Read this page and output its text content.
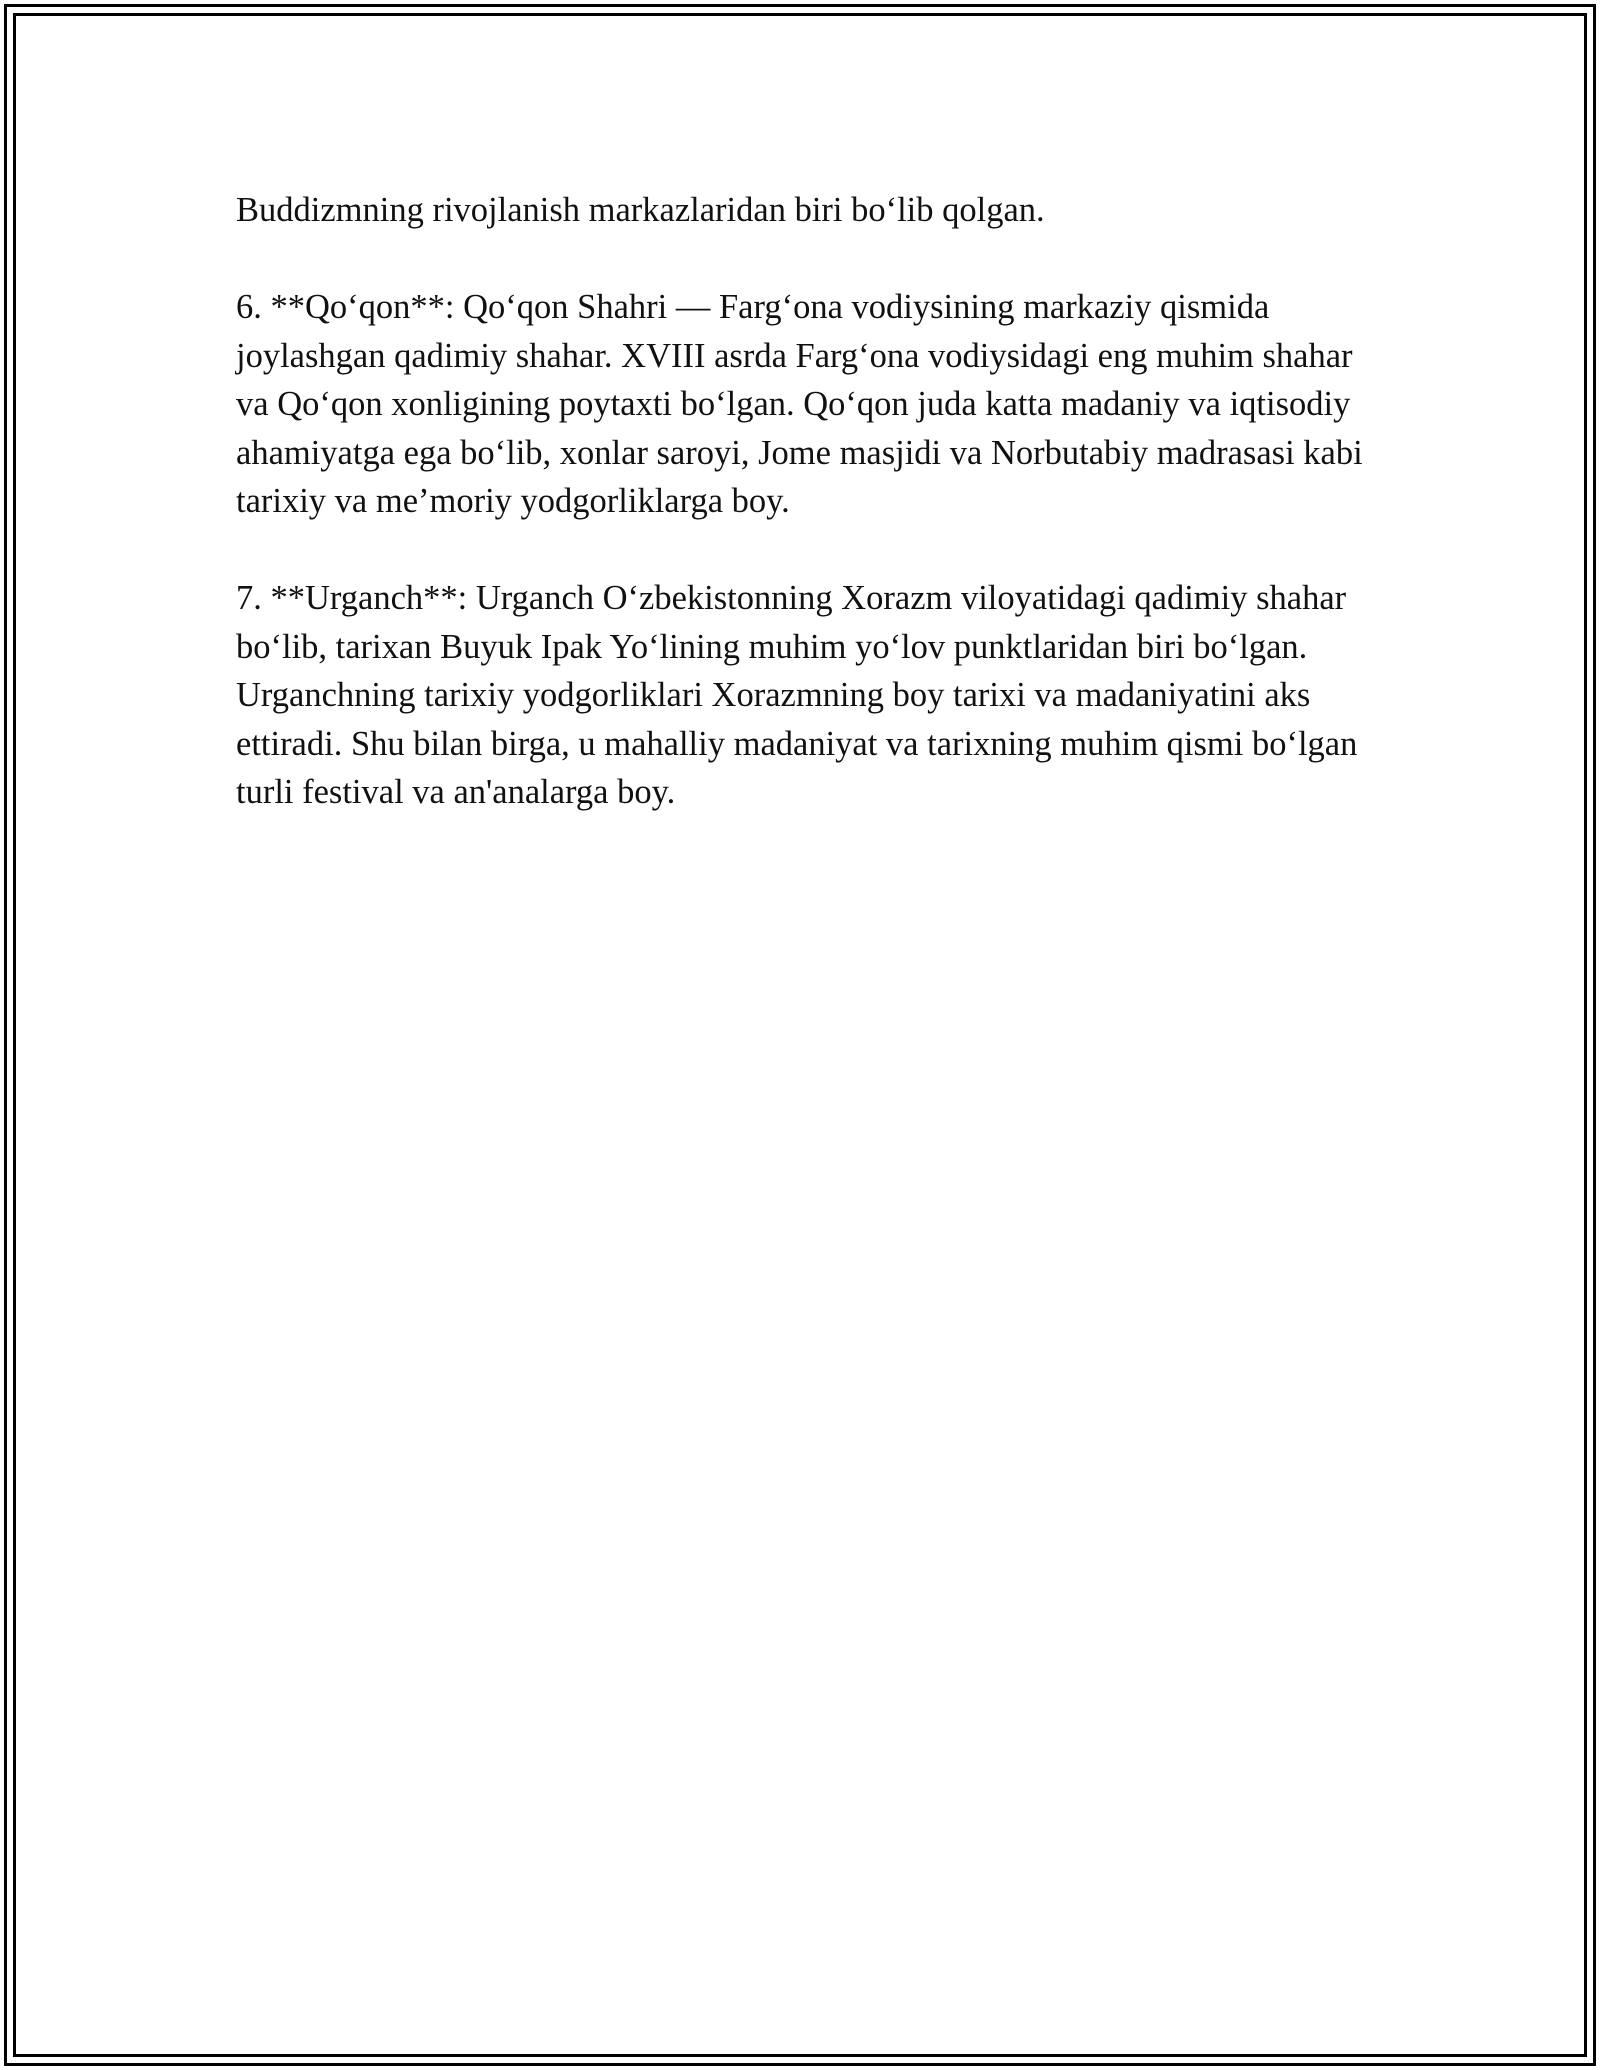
Buddizmning rivojlanish markazlaridan biri bo‘lib qolgan.

6. **Qo‘qon**: Qo‘qon Shahri — Farg‘ona vodiysining markaziy qismida joylashgan qadimiy shahar. XVIII asrda Farg‘ona vodiysidagi eng muhim shahar va Qo‘qon xonligining poytaxti bo‘lgan. Qo‘qon juda katta madaniy va iqtisodiy ahamiyatga ega bo‘lib, xonlar saroyi, Jome masjidi va Norbutabiy madrasasi kabi tarixiy va me’moriy yodgorliklarga boy.

7. **Urganch**: Urganch O‘zbekistonning Xorazm viloyatidagi qadimiy shahar bo‘lib, tarixan Buyuk Ipak Yo‘lining muhim yo‘lov punktlaridan biri bo‘lgan. Urganchning tarixiy yodgorliklari Xorazmning boy tarixi va madaniyatini aks ettiradi. Shu bilan birga, u mahalliy madaniyat va tarixning muhim qismi bo‘lgan turli festival va an'analarga boy.
